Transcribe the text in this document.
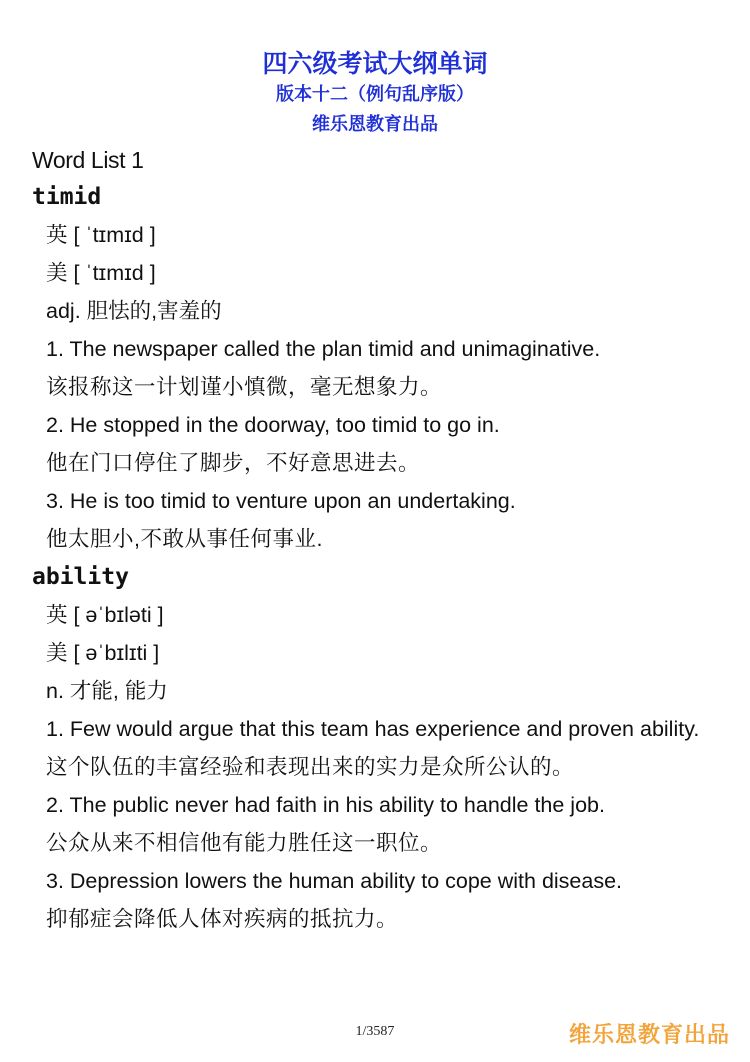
四六级考试大纲单词
版本十二（例句乱序版）
维乐恩教育出品
Word List 1
timid
英 [ ˈtɪmɪd ]
美 [ ˈtɪmɪd ]
adj. 胆怯的,害羞的
1. The newspaper called the plan timid and unimaginative.
该报称这一计划谨小慎微，毫无想象力。
2. He stopped in the doorway, too timid to go in.
他在门口停住了脚步，不好意思进去。
3. He is too timid to venture upon an undertaking.
他太胆小,不敢从事任何事业.
ability
英 [ əˈbɪləti ]
美 [ əˈbɪlɪti ]
n. 才能, 能力
1. Few would argue that this team has experience and proven ability.
这个队伍的丰富经验和表现出来的实力是众所公认的。
2. The public never had faith in his ability to handle the job.
公众从来不相信他有能力胜任这一职位。
3. Depression lowers the human ability to cope with disease.
抑郁症会降低人体对疾病的抵抗力。
1/3587	维乐恩教育出品
